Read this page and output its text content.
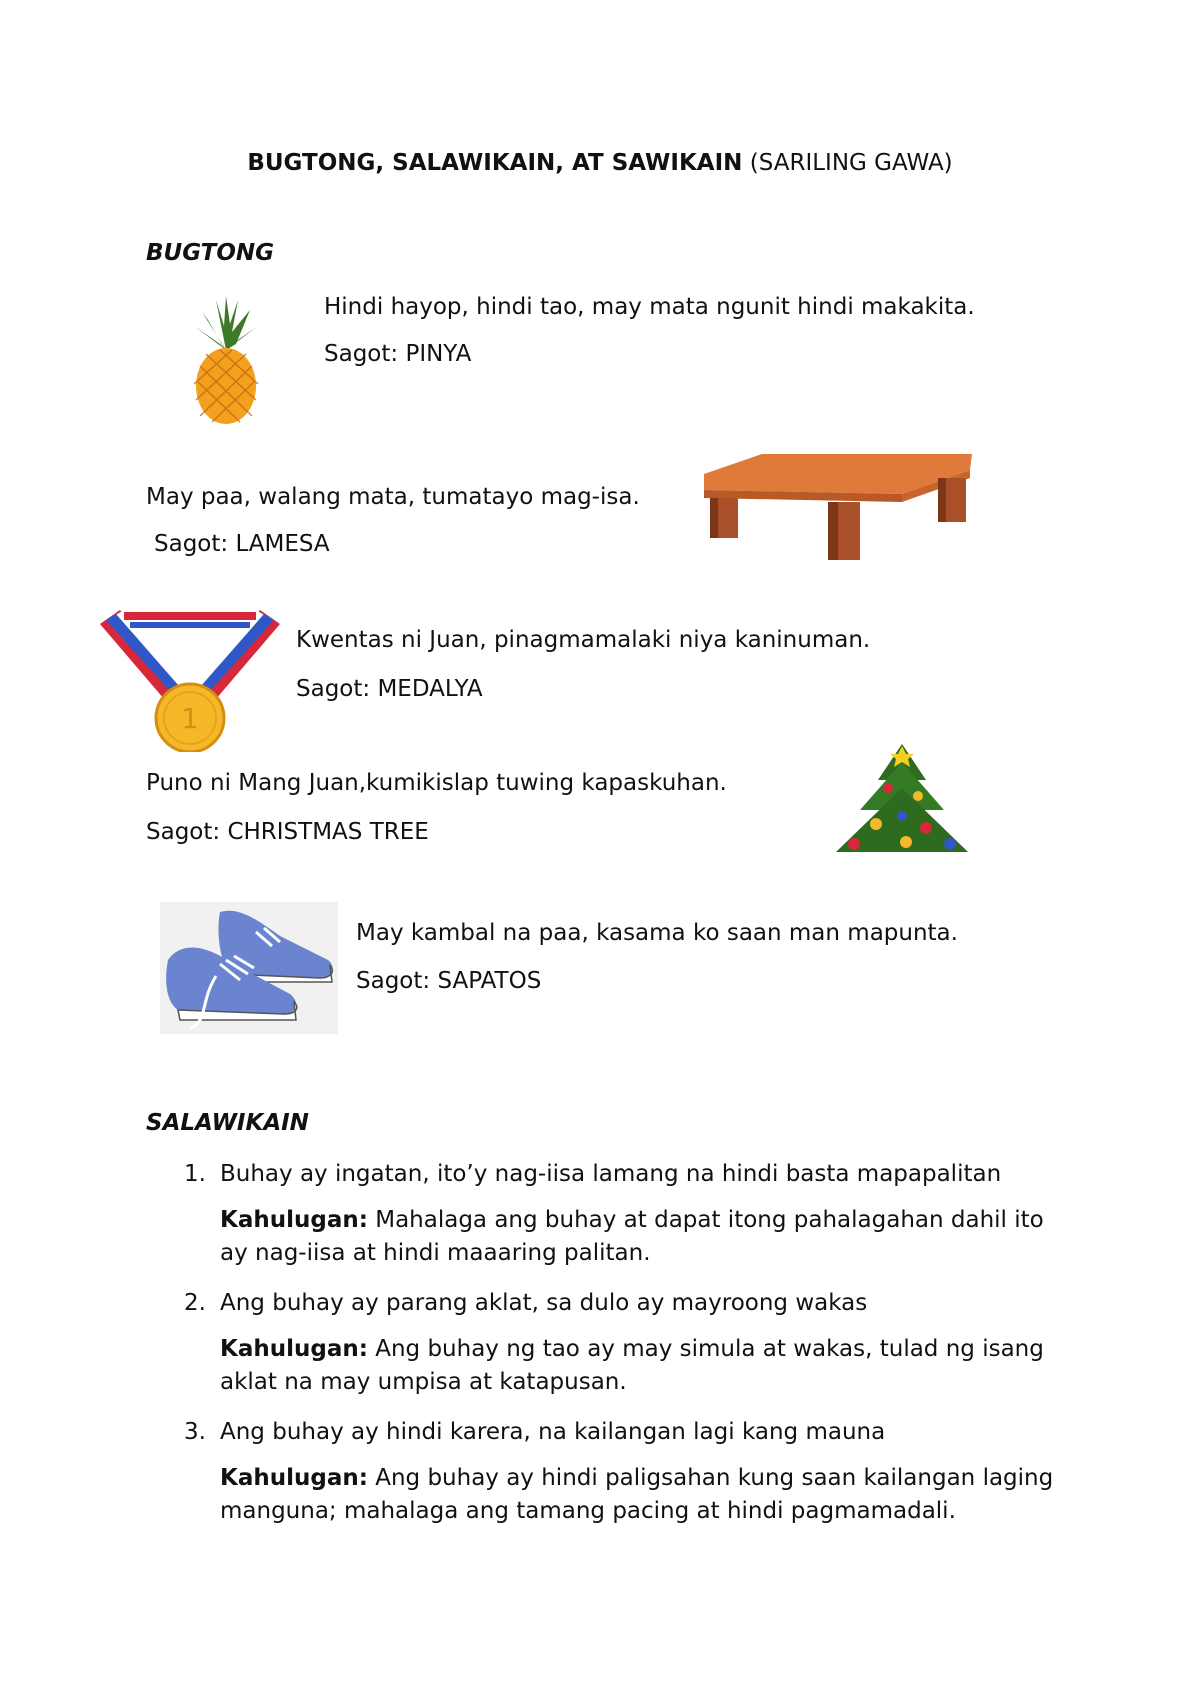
BUGTONG, SALAWIKAIN, AT SAWIKAIN (SARILING GAWA)
BUGTONG
Hindi hayop, hindi tao, may mata ngunit hindi makakita.
Sagot: PINYA
May paa, walang mata, tumatayo mag-isa.
Sagot: LAMESA
1
Kwentas ni Juan, pinagmamalaki niya kaninuman.
Sagot: MEDALYA
Puno ni Mang Juan,kumikislap tuwing kapaskuhan.
Sagot: CHRISTMAS TREE
May kambal na paa, kasama ko saan man mapunta.
Sagot: SAPATOS
SALAWIKAIN
1. Buhay ay ingatan, ito’y nag-iisa lamang na hindi basta mapapalitan
Kahulugan: Mahalaga ang buhay at dapat itong pahalagahan dahil ito ay nag-iisa at hindi maaaring palitan.
2. Ang buhay ay parang aklat, sa dulo ay mayroong wakas
Kahulugan: Ang buhay ng tao ay may simula at wakas, tulad ng isang aklat na may umpisa at katapusan.
3. Ang buhay ay hindi karera, na kailangan lagi kang mauna
Kahulugan: Ang buhay ay hindi paligsahan kung saan kailangan laging manguna; mahalaga ang tamang pacing at hindi pagmamadali.
